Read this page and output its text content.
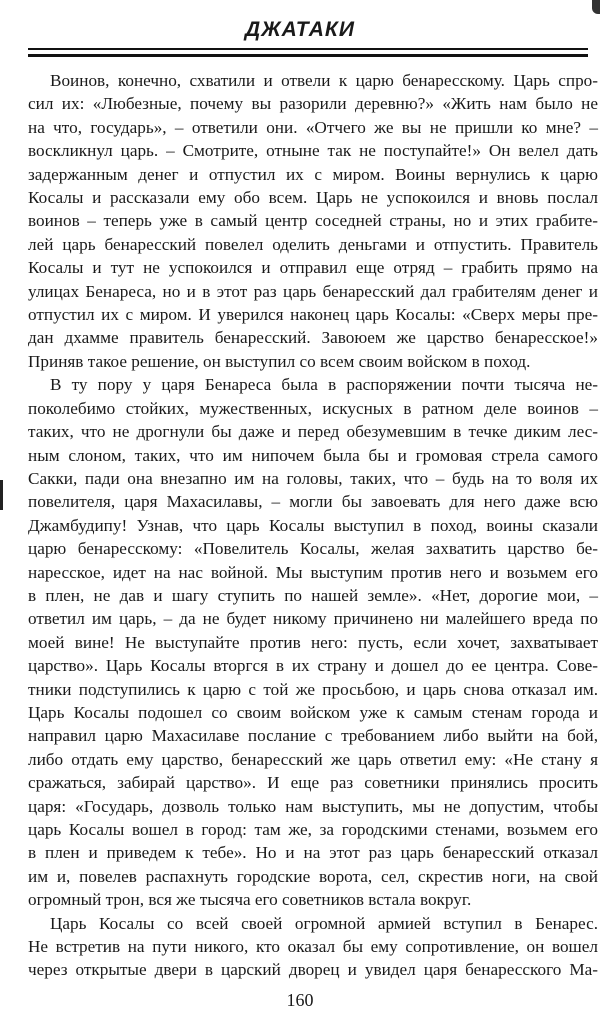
ДЖАТАКИ
Воинов, конечно, схватили и отвели к царю бенаресскому. Царь спро-
сил их: «Любезные, почему вы разорили деревню?» «Жить нам было не
на что, государь», – ответили они. «Отчего же вы не пришли ко мне? –
воскликнул царь. – Смотрите, отныне так не поступайте!» Он велел дать
задержанным денег и отпустил их с миром. Воины вернулись к царю
Косалы и рассказали ему обо всем. Царь не успокоился и вновь послал
воинов – теперь уже в самый центр соседней страны, но и этих грабите-
лей царь бенаресский повелел оделить деньгами и отпустить. Правитель
Косалы и тут не успокоился и отправил еще отряд – грабить прямо на
улицах Бенареса, но и в этот раз царь бенаресский дал грабителям денег и
отпустил их с миром. И уверился наконец царь Косалы: «Сверх меры пре-
дан дхамме правитель бенаресский. Завоюем же царство бенаресское!»
Приняв такое решение, он выступил со всем своим войском в поход.
В ту пору у царя Бенареса была в распоряжении почти тысяча не-
поколебимо стойких, мужественных, искусных в ратном деле воинов –
таких, что не дрогнули бы даже и перед обезумевшим в течке диким лес-
ным слоном, таких, что им нипочем была бы и громовая стрела самого
Сакки, пади она внезапно им на головы, таких, что – будь на то воля их
повелителя, царя Махасилавы, – могли бы завоевать для него даже всю
Джамбудипу! Узнав, что царь Косалы выступил в поход, воины сказали
царю бенаресскому: «Повелитель Косалы, желая захватить царство бе-
наресское, идет на нас войной. Мы выступим против него и возьмем его
в плен, не дав и шагу ступить по нашей земле». «Нет, дорогие мои, –
ответил им царь, – да не будет никому причинено ни малейшего вреда по
моей вине! Не выступайте против него: пусть, если хочет, захватывает
царство». Царь Косалы вторгся в их страну и дошел до ее центра. Сове-
тники подступились к царю с той же просьбою, и царь снова отказал им.
Царь Косалы подошел со своим войском уже к самым стенам города и
направил царю Махасилаве послание с требованием либо выйти на бой,
либо отдать ему царство, бенаресский же царь ответил ему: «Не стану я
сражаться, забирай царство». И еще раз советники принялись просить
царя: «Государь, дозволь только нам выступить, мы не допустим, чтобы
царь Косалы вошел в город: там же, за городскими стенами, возьмем его
в плен и приведем к тебе». Но и на этот раз царь бенаресский отказал
им и, повелев распахнуть городские ворота, сел, скрестив ноги, на свой
огромный трон, вся же тысяча его советников встала вокруг.
Царь Косалы со всей своей огромной армией вступил в Бенарес.
Не встретив на пути никого, кто оказал бы ему сопротивление, он вошел
через открытые двери в царский дворец и увидел царя бенаресского Ма-
160
